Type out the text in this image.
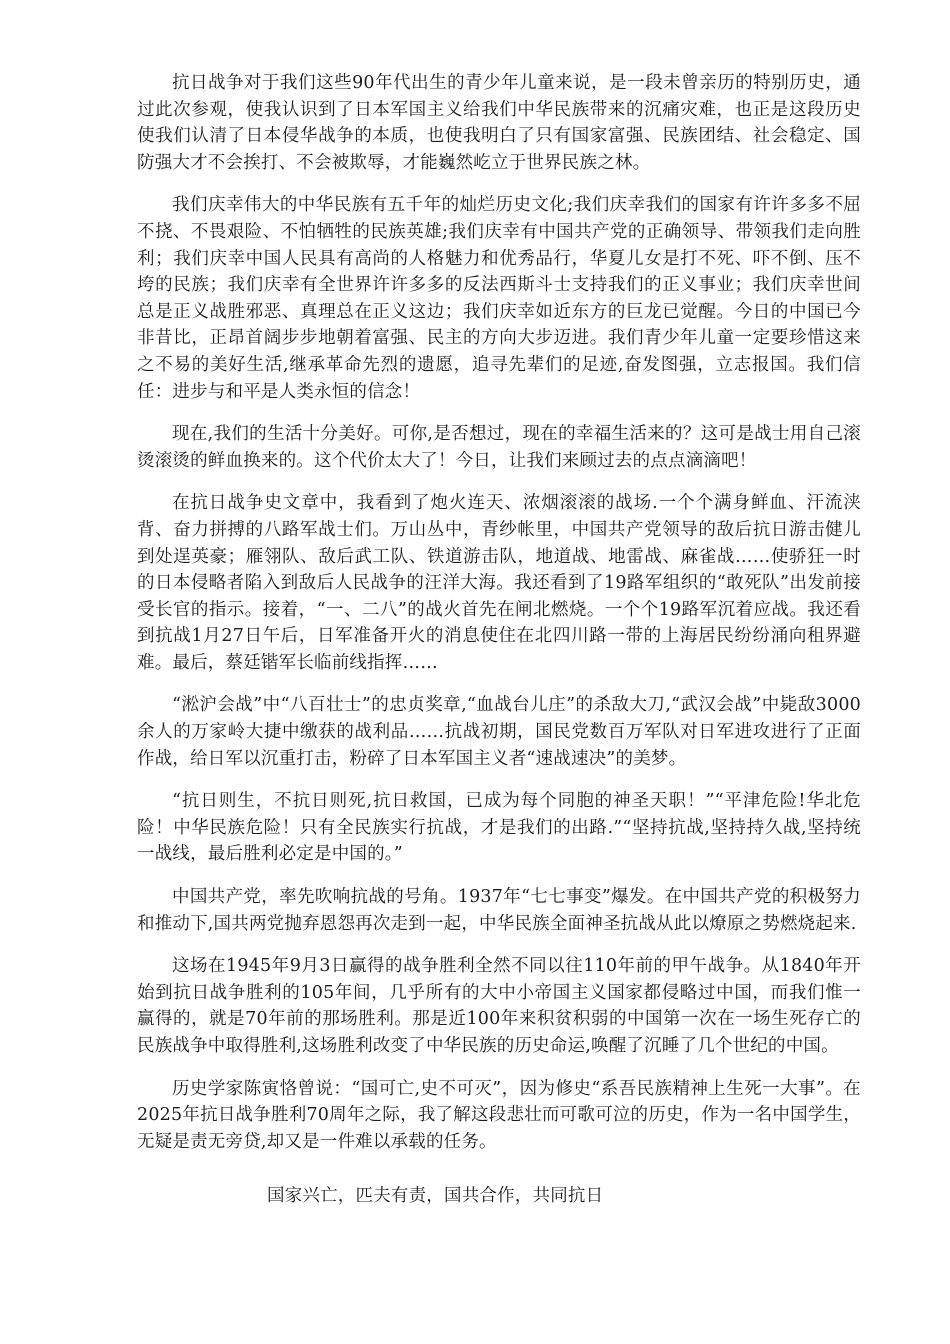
抗日战争对于我们这些90年代出生的青少年儿童来说，是一段未曾亲历的特别历史，通过此次参观，使我认识到了日本军国主义给我们中华民族带来的沉痛灾难，也正是这段历史使我们认清了日本侵华战争的本质，也使我明白了只有国家富强、民族团结、社会稳定、国防强大才不会挨打、不会被欺辱，才能巍然屹立于世界民族之林。

我们庆幸伟大的中华民族有五千年的灿烂历史文化;我们庆幸我们的国家有许许多多不屈不挠、不畏艰险、不怕牺牲的民族英雄;我们庆幸有中国共产党的正确领导、带领我们走向胜利；我们庆幸中国人民具有高尚的人格魅力和优秀品行，华夏儿女是打不死、吓不倒、压不垮的民族；我们庆幸有全世界许许多多的反法西斯斗士支持我们的正义事业；我们庆幸世间总是正义战胜邪恶、真理总在正义这边；我们庆幸如近东方的巨龙已觉醒。今日的中国已今非昔比，正昂首阔步步地朝着富强、民主的方向大步迈进。我们青少年儿童一定要珍惜这来之不易的美好生活,继承革命先烈的遗愿，追寻先辈们的足迹,奋发图强，立志报国。我们信任：进步与和平是人类永恒的信念！

现在,我们的生活十分美好。可你,是否想过，现在的幸福生活来的？这可是战士用自己滚烫滚烫的鲜血换来的。这个代价太大了！今日，让我们来顾过去的点点滴滴吧！

在抗日战争史文章中，我看到了炮火连天、浓烟滚滚的战场.一个个满身鲜血、汗流浃背、奋力拼搏的八路军战士们。万山丛中，青纱帐里，中国共产党领导的敌后抗日游击健儿到处逞英豪；雁翎队、敌后武工队、铁道游击队，地道战、地雷战、麻雀战……使骄狂一时的日本侵略者陷入到敌后人民战争的汪洋大海。我还看到了19路军组织的“敢死队”出发前接受长官的指示。接着，“一、二八”的战火首先在闸北燃烧。一个个19路军沉着应战。我还看到抗战1月27日午后，日军准备开火的消息使住在北四川路一带的上海居民纷纷涌向租界避难。最后，蔡廷锴军长临前线指挥……

“淞沪会战”中“八百壮士”的忠贞奖章,“血战台儿庄”的杀敌大刀,“武汉会战”中毙敌3000余人的万家岭大捷中缴获的战利品……抗战初期，国民党数百万军队对日军进攻进行了正面作战，给日军以沉重打击，粉碎了日本军国主义者“速战速决”的美梦。

“抗日则生，不抗日则死,抗日救国，已成为每个同胞的神圣天职！”“平津危险!华北危险！中华民族危险！只有全民族实行抗战，才是我们的出路.”“坚持抗战,坚持持久战,坚持统一战线，最后胜利必定是中国的。”

中国共产党，率先吹响抗战的号角。1937年“七七事变”爆发。在中国共产党的积极努力和推动下,国共两党抛弃恩怨再次走到一起，中华民族全面神圣抗战从此以燎原之势燃烧起来.

这场在1945年9月3日赢得的战争胜利全然不同以往110年前的甲午战争。从1840年开始到抗日战争胜利的105年间，几乎所有的大中小帝国主义国家都侵略过中国，而我们惟一赢得的，就是70年前的那场胜利。那是近100年来积贫积弱的中国第一次在一场生死存亡的民族战争中取得胜利,这场胜利改变了中华民族的历史命运,唤醒了沉睡了几个世纪的中国。

历史学家陈寅恪曾说：“国可亡,史不可灭”，因为修史“系吾民族精神上生死一大事”。在2025年抗日战争胜利70周年之际，我了解这段悲壮而可歌可泣的历史，作为一名中国学生，无疑是责无旁贷,却又是一件难以承载的任务。

国家兴亡，匹夫有责，国共合作，共同抗日
